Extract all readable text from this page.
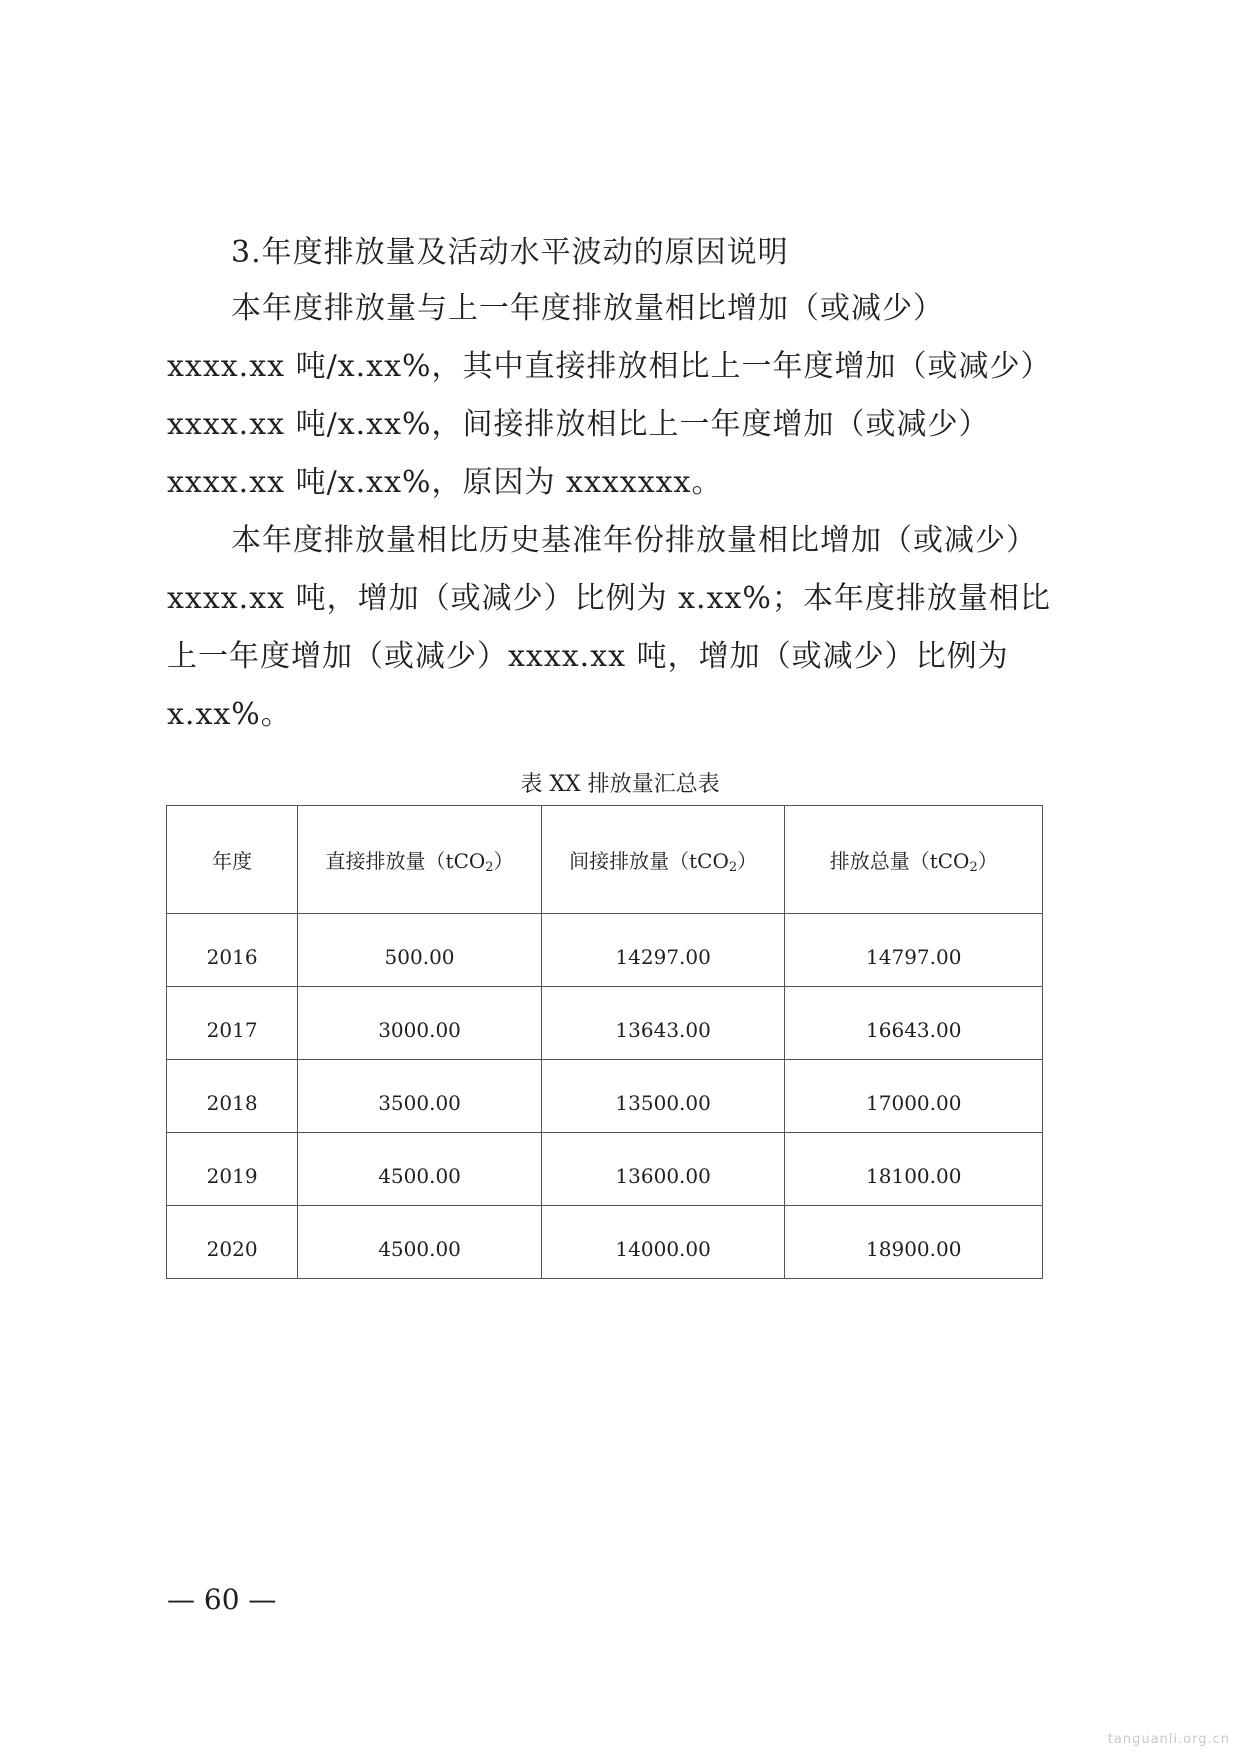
3.年度排放量及活动水平波动的原因说明
本年度排放量与上一年度排放量相比增加（或减少）
xxxx.xx 吨/x.xx%，其中直接排放相比上一年度增加（或减少）
xxxx.xx 吨/x.xx%，间接排放相比上一年度增加（或减少）
xxxx.xx 吨/x.xx%，原因为 xxxxxxx。
本年度排放量相比历史基准年份排放量相比增加（或减少）
xxxx.xx 吨，增加（或减少）比例为 x.xx%；本年度排放量相比
上一年度增加（或减少）xxxx.xx 吨，增加（或减少）比例为
x.xx%。
表 XX 排放量汇总表
年度	直接排放量（tCO$_2$）	间接排放量（tCO$_2$）	排放总量（tCO$_2$）
2016	500.00	14297.00	14797.00
2017	3000.00	13643.00	16643.00
2018	3500.00	13500.00	17000.00
2019	4500.00	13600.00	18100.00
2020	4500.00	14000.00	18900.00
— 60 —
tanguanli.org.cn
